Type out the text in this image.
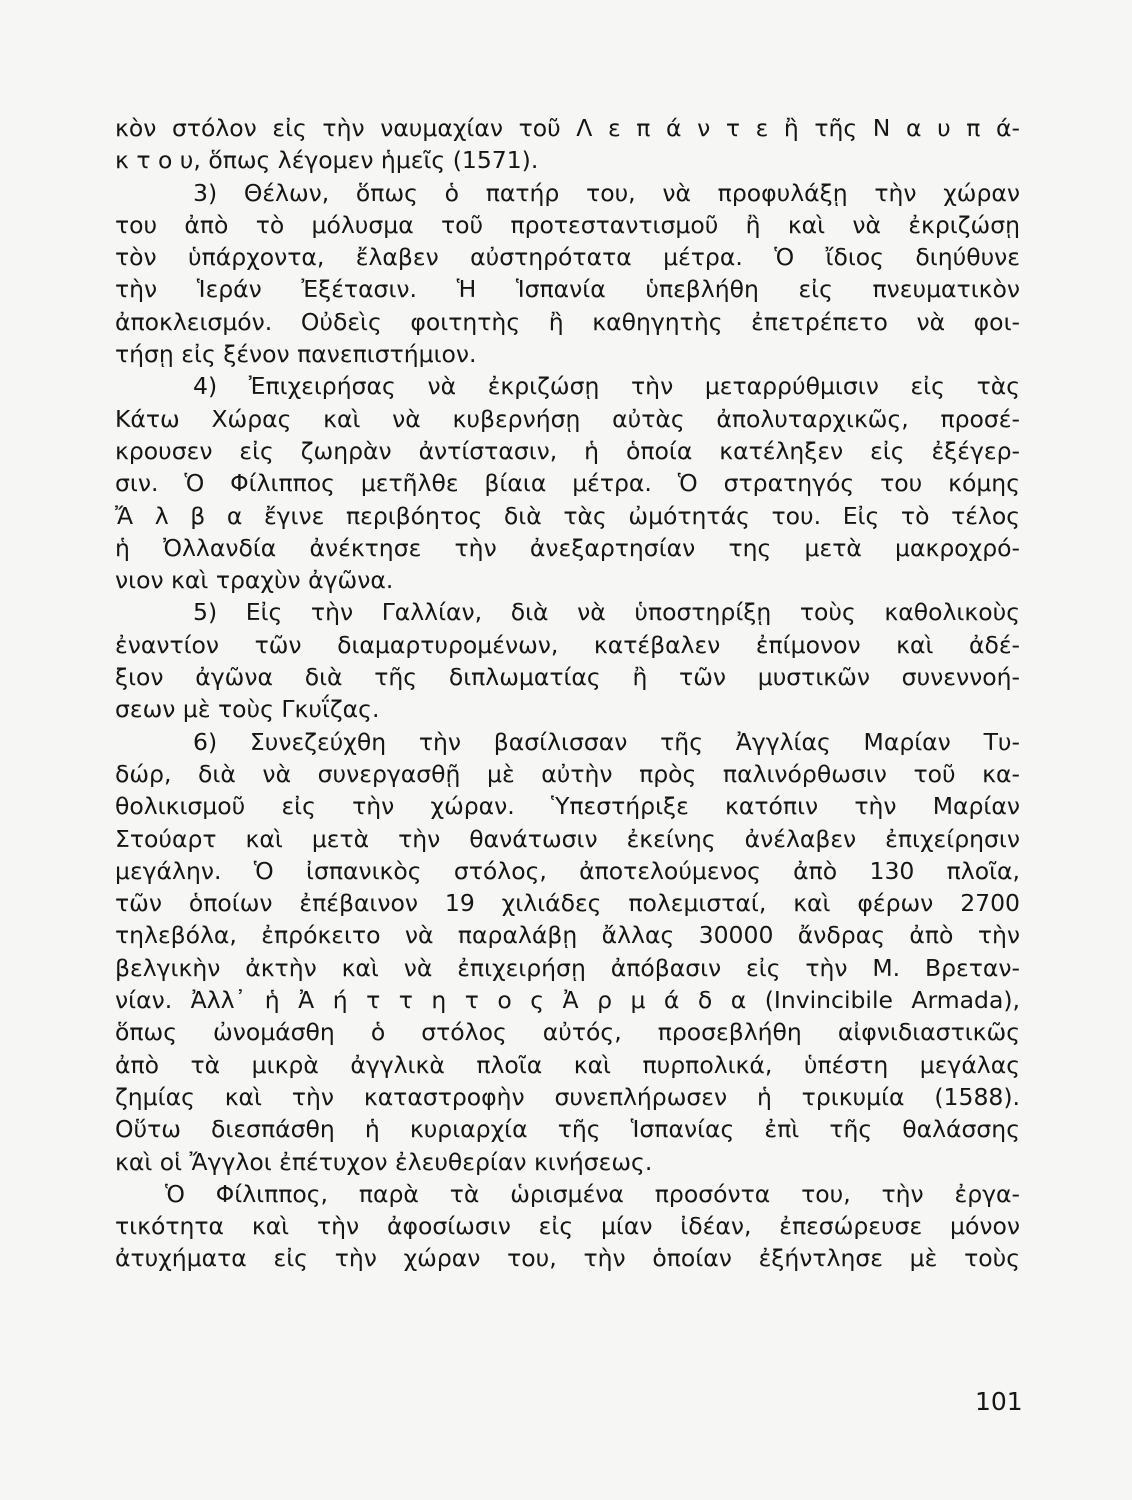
κὸν στόλον εἰς τὴν ναυμαχίαν τοῦ Λ ε π ά ν τ ε ἢ τῆς Ν α υ π ά-
κ τ ο υ, ὅπως λέγομεν ἡμεῖς (1571).
3) Θέλων, ὅπως ὁ πατήρ του, νὰ προφυλάξῃ τὴν χώραν
του ἀπὸ τὸ μόλυσμα τοῦ προτεσταντισμοῦ ἢ καὶ νὰ ἐκριζώσῃ
τὸν ὑπάρχοντα, ἔλαβεν αὐστηρότατα μέτρα. Ὁ ἴδιος διηύθυνε
τὴν Ἱεράν Ἐξέτασιν. Ἡ Ἱσπανία ὑπεβλήθη εἰς πνευματικὸν
ἀποκλεισμόν. Οὐδεὶς φοιτητὴς ἢ καθηγητὴς ἐπετρέπετο νὰ φοι-
τήσῃ εἰς ξένον πανεπιστήμιον.
4) Ἐπιχειρήσας νὰ ἐκριζώσῃ τὴν μεταρρύθμισιν εἰς τὰς
Κάτω Χώρας καὶ νὰ κυβερνήσῃ αὐτὰς ἀπολυταρχικῶς, προσέ-
κρουσεν εἰς ζωηρὰν ἀντίστασιν, ἡ ὁποία κατέληξεν εἰς ἐξέγερ-
σιν. Ὁ Φίλιππος μετῆλθε βίαια μέτρα. Ὁ στρατηγός του κόμης
Ἄ λ β α ἔγινε περιβόητος διὰ τὰς ὠμότητάς του. Εἰς τὸ τέλος
ἡ Ὀλλανδία ἀνέκτησε τὴν ἀνεξαρτησίαν της μετὰ μακροχρό-
νιον καὶ τραχὺν ἀγῶνα.
5) Εἰς τὴν Γαλλίαν, διὰ νὰ ὑποστηρίξῃ τοὺς καθολικοὺς
ἐναντίον τῶν διαμαρτυρομένων, κατέβαλεν ἐπίμονον καὶ ἀδέ-
ξιον ἀγῶνα διὰ τῆς διπλωματίας ἢ τῶν μυστικῶν συνεννοή-
σεων μὲ τοὺς Γκυΐζας.
6) Συνεζεύχθη τὴν βασίλισσαν τῆς Ἀγγλίας Μαρίαν Τυ-
δώρ, διὰ νὰ συνεργασθῇ μὲ αὐτὴν πρὸς παλινόρθωσιν τοῦ κα-
θολικισμοῦ εἰς τὴν χώραν. Ὑπεστήριξε κατόπιν τὴν Μαρίαν
Στούαρτ καὶ μετὰ τὴν θανάτωσιν ἐκείνης ἀνέλαβεν ἐπιχείρησιν
μεγάλην. Ὁ ἰσπανικὸς στόλος, ἀποτελούμενος ἀπὸ 130 πλοῖα,
τῶν ὁποίων ἐπέβαινον 19 χιλιάδες πολεμισταί, καὶ φέρων 2700
τηλεβόλα, ἐπρόκειτο νὰ παραλάβῃ ἄλλας 30000 ἄνδρας ἀπὸ τὴν
βελγικὴν ἀκτὴν καὶ νὰ ἐπιχειρήσῃ ἀπόβασιν εἰς τὴν Μ. Βρεταν-
νίαν. Ἀλλ᾽ ἡ Ἀ ή τ τ η τ ο ς Ἀ ρ μ ά δ α (Invincibile Armada),
ὅπως ὠνομάσθη ὁ στόλος αὐτός, προσεβλήθη αἰφνιδιαστικῶς
ἀπὸ τὰ μικρὰ ἀγγλικὰ πλοῖα καὶ πυρπολικά, ὑπέστη μεγάλας
ζημίας καὶ τὴν καταστροφὴν συνεπλήρωσεν ἡ τρικυμία (1588).
Οὕτω διεσπάσθη ἡ κυριαρχία τῆς Ἱσπανίας ἐπὶ τῆς θαλάσσης
καὶ οἱ Ἄγγλοι ἐπέτυχον ἐλευθερίαν κινήσεως.
Ὁ Φίλιππος, παρὰ τὰ ὡρισμένα προσόντα του, τὴν ἐργα-
τικότητα καὶ τὴν ἀφοσίωσιν εἰς μίαν ἰδέαν, ἐπεσώρευσε μόνον
ἀτυχήματα εἰς τὴν χώραν του, τὴν ὁποίαν ἐξήντλησε μὲ τοὺς
101
